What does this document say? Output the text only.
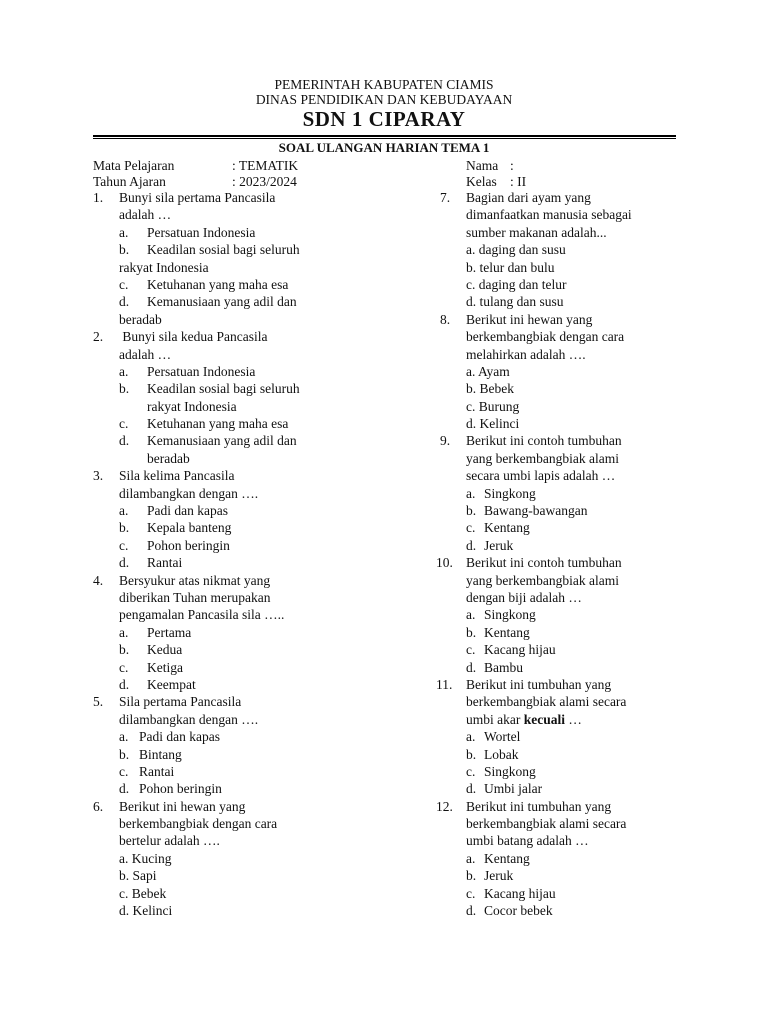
PEMERINTAH KABUPATEN CIAMIS
DINAS PENDIDIKAN DAN KEBUDAYAAN
SDN 1 CIPARAY
SOAL ULANGAN HARIAN TEMA 1
Mata Pelajaran	: TEMATIK
Tahun Ajaran	: 2023/2024
Nama :
Kelas : II
1. Bunyi sila pertama Pancasila
adalah …
a. Persatuan Indonesia
b. Keadilan sosial bagi seluruh
rakyat Indonesia
c. Ketuhanan yang maha esa
d. Kemanusiaan yang adil dan
beradab
2. Bunyi sila kedua Pancasila
adalah …
a. Persatuan Indonesia
b. Keadilan sosial bagi seluruh
rakyat Indonesia
c. Ketuhanan yang maha esa
d. Kemanusiaan yang adil dan
beradab
3. Sila kelima Pancasila
dilambangkan dengan ….
a. Padi dan kapas
b. Kepala banteng
c. Pohon beringin
d. Rantai
4. Bersyukur atas nikmat yang
diberikan Tuhan merupakan
pengamalan Pancasila sila …..
a. Pertama
b. Kedua
c. Ketiga
d. Keempat
5. Sila pertama Pancasila
dilambangkan dengan ….
a. Padi dan kapas
b. Bintang
c. Rantai
d. Pohon beringin
6. Berikut ini hewan yang
berkembangbiak dengan cara
bertelur adalah ….
a. Kucing
b. Sapi
c. Bebek
d. Kelinci
7. Bagian dari ayam yang
dimanfaatkan manusia sebagai
sumber makanan adalah...
a. daging dan susu
b. telur dan bulu
c. daging dan telur
d. tulang dan susu
8. Berikut ini hewan yang
berkembangbiak dengan cara
melahirkan adalah ….
a. Ayam
b. Bebek
c. Burung
d. Kelinci
9. Berikut ini contoh tumbuhan
yang berkembangbiak alami
secara umbi lapis adalah …
a. Singkong
b. Bawang-bawangan
c. Kentang
d. Jeruk
10. Berikut ini contoh tumbuhan
yang berkembangbiak alami
dengan biji adalah …
a. Singkong
b. Kentang
c. Kacang hijau
d. Bambu
11. Berikut ini tumbuhan yang
berkembangbiak alami secara
umbi akar kecuali …
a. Wortel
b. Lobak
c. Singkong
d. Umbi jalar
12. Berikut ini tumbuhan yang
berkembangbiak alami secara
umbi batang adalah …
a. Kentang
b. Jeruk
c. Kacang hijau
d. Cocor bebek
